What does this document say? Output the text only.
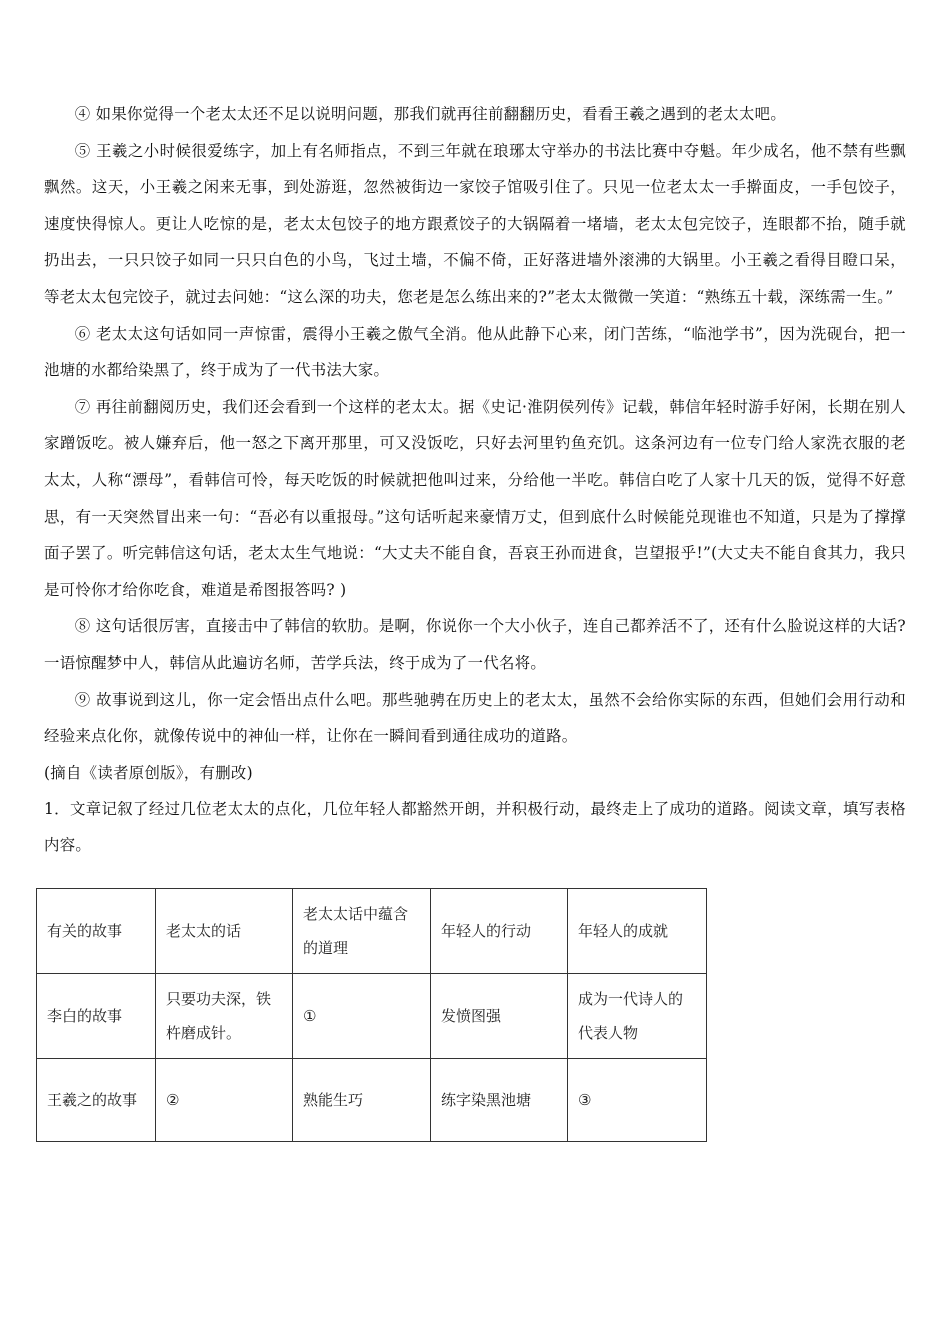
④ 如果你觉得一个老太太还不足以说明问题，那我们就再往前翻翻历史，看看王羲之遇到的老太太吧。

⑤ 王羲之小时候很爱练字，加上有名师指点，不到三年就在琅琊太守举办的书法比赛中夺魁。年少成名，他不禁有些飘飘然。这天，小王羲之闲来无事，到处游逛，忽然被街边一家饺子馆吸引住了。只见一位老太太一手擀面皮，一手包饺子，速度快得惊人。更让人吃惊的是，老太太包饺子的地方跟煮饺子的大锅隔着一堵墙，老太太包完饺子，连眼都不抬，随手就扔出去，一只只饺子如同一只只白色的小鸟，飞过土墙，不偏不倚，正好落进墙外滚沸的大锅里。小王羲之看得目瞪口呆，等老太太包完饺子，就过去问她：“这么深的功夫，您老是怎么练出来的?”老太太微微一笑道：“熟练五十载，深练需一生。”

⑥ 老太太这句话如同一声惊雷，震得小王羲之傲气全消。他从此静下心来，闭门苦练，“临池学书”，因为洗砚台，把一池塘的水都给染黑了，终于成为了一代书法大家。

⑦ 再往前翻阅历史，我们还会看到一个这样的老太太。据《史记·淮阴侯列传》记载，韩信年轻时游手好闲，长期在别人家蹭饭吃。被人嫌弃后，他一怒之下离开那里，可又没饭吃，只好去河里钓鱼充饥。这条河边有一位专门给人家洗衣服的老太太，人称“漂母”，看韩信可怜，每天吃饭的时候就把他叫过来，分给他一半吃。韩信白吃了人家十几天的饭，觉得不好意思，有一天突然冒出来一句：“吾必有以重报母。”这句话听起来豪情万丈，但到底什么时候能兑现谁也不知道，只是为了撑撑面子罢了。听完韩信这句话，老太太生气地说：“大丈夫不能自食，吾哀王孙而进食，岂望报乎!”(大丈夫不能自食其力，我只是可怜你才给你吃食，难道是希图报答吗? )

⑧ 这句话很厉害，直接击中了韩信的软肋。是啊，你说你一个大小伙子，连自己都养活不了，还有什么脸说这样的大话?一语惊醒梦中人，韩信从此遍访名师，苦学兵法，终于成为了一代名将。

⑨ 故事说到这儿，你一定会悟出点什么吧。那些驰骋在历史上的老太太，虽然不会给你实际的东西，但她们会用行动和经验来点化你，就像传说中的神仙一样，让你在一瞬间看到通往成功的道路。

(摘自《读者原创版》，有删改)

1．文章记叙了经过几位老太太的点化，几位年轻人都豁然开朗，并积极行动，最终走上了成功的道路。阅读文章，填写表格内容。

有关的故事	老太太的话	老太太话中蕴含的道理	年轻人的行动	年轻人的成就
李白的故事	只要功夫深，铁杵磨成针。	①	发愤图强	成为一代诗人的代表人物
王羲之的故事	②	熟能生巧	练字染黑池塘	③
